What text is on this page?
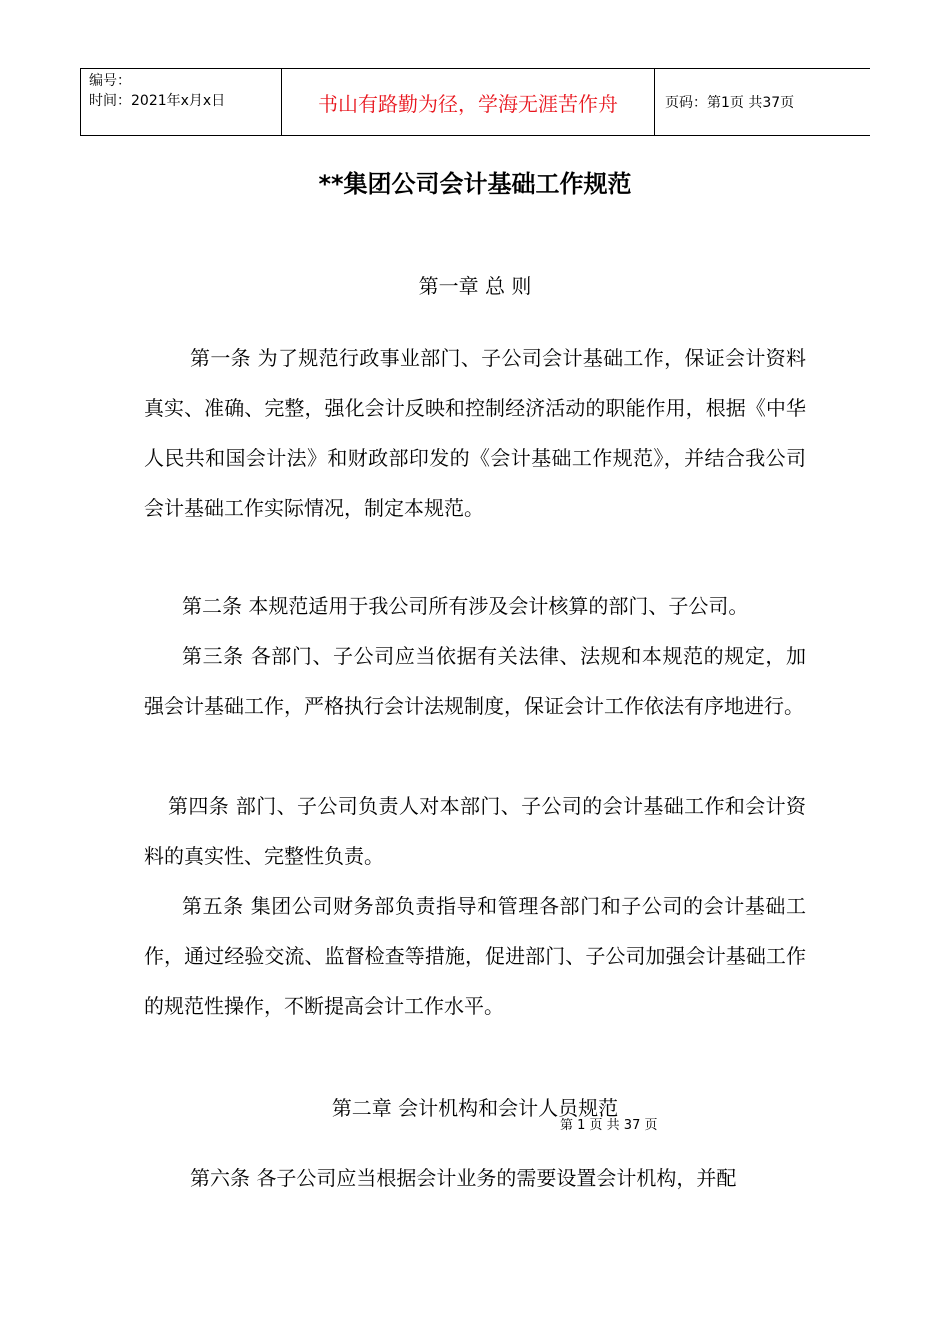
编号：
时间：2021年x月x日	书山有路勤为径，学海无涯苦作舟	页码：第1页 共37页
**集团公司会计基础工作规范
第一章 总 则
第一条 为了规范行政事业部门、子公司会计基础工作，保证会计资料真实、准确、完整，强化会计反映和控制经济活动的职能作用，根据《中华人民共和国会计法》和财政部印发的《会计基础工作规范》，并结合我公司会计基础工作实际情况，制定本规范。
第二条 本规范适用于我公司所有涉及会计核算的部门、子公司。
第三条 各部门、子公司应当依据有关法律、法规和本规范的规定，加强会计基础工作，严格执行会计法规制度，保证会计工作依法有序地进行。
第四条 部门、子公司负责人对本部门、子公司的会计基础工作和会计资料的真实性、完整性负责。
第五条 集团公司财务部负责指导和管理各部门和子公司的会计基础工作，通过经验交流、监督检查等措施，促进部门、子公司加强会计基础工作的规范性操作，不断提高会计工作水平。
第二章 会计机构和会计人员规范
第 1 页 共 37 页
第六条 各子公司应当根据会计业务的需要设置会计机构，并配
